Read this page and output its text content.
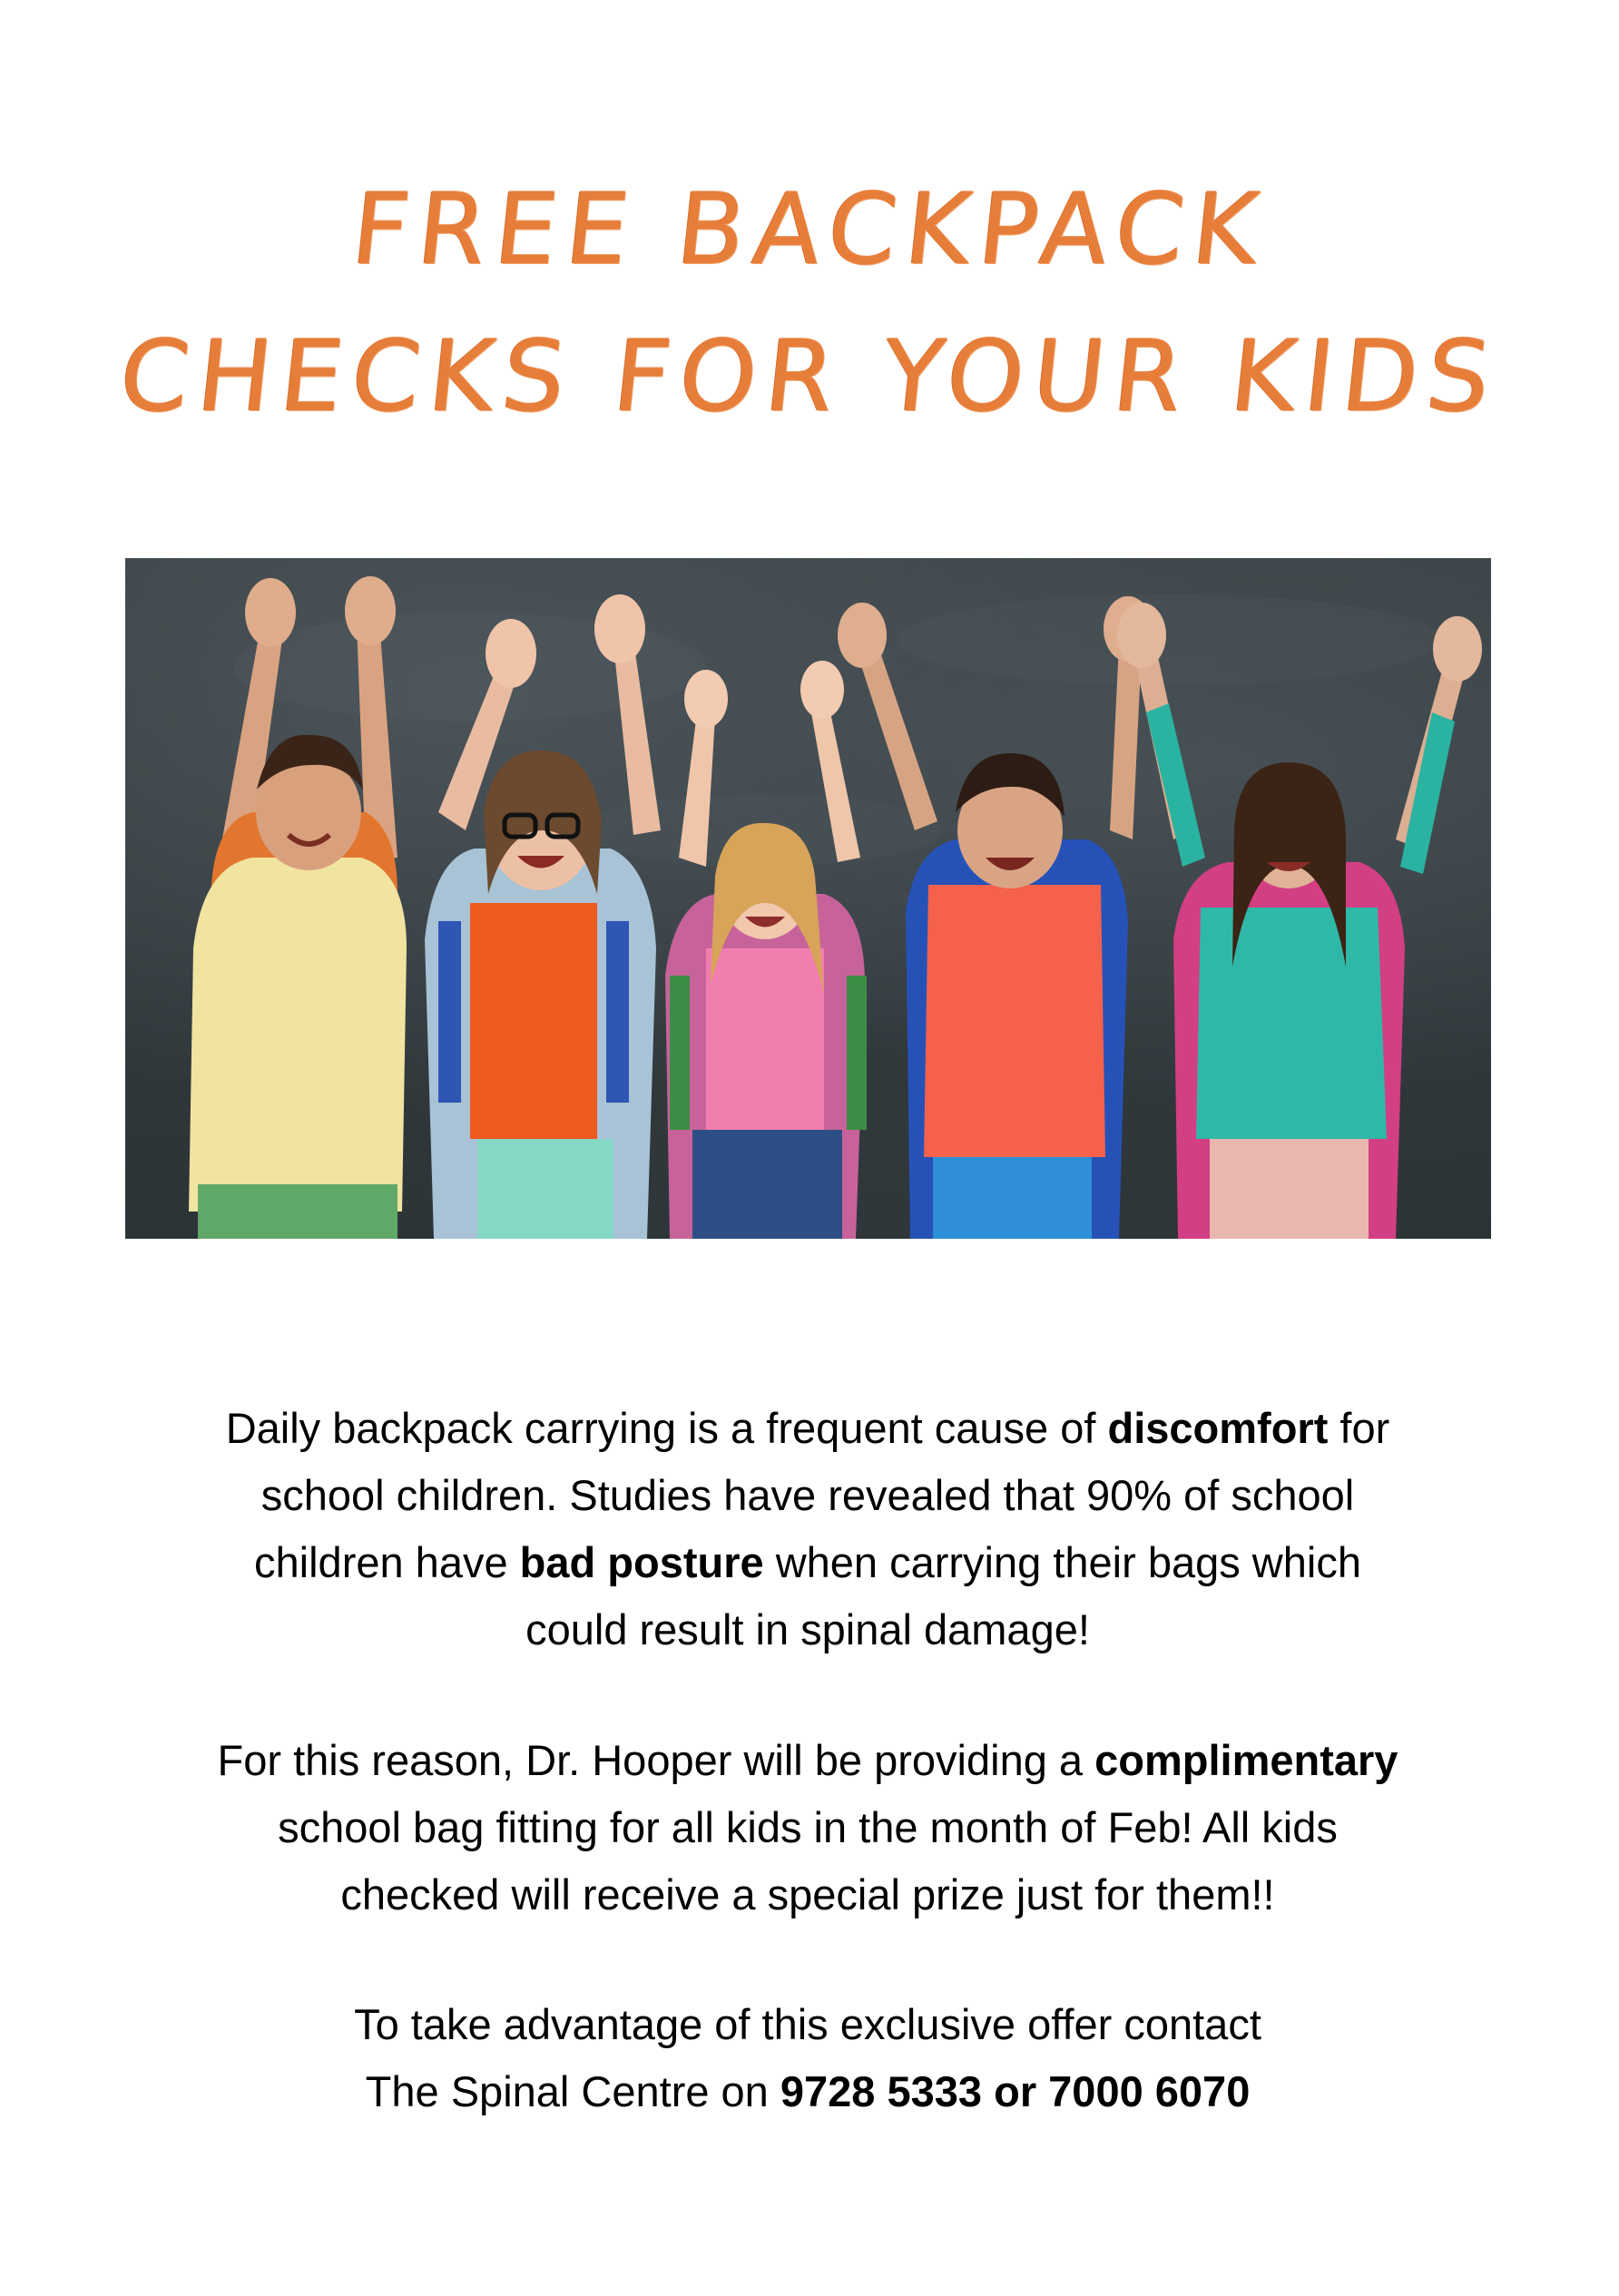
FREE BACKPACK
CHECKS FOR YOUR KIDS

Daily backpack carrying is a frequent cause of discomfort for
school children. Studies have revealed that 90% of school
children have bad posture when carrying their bags which
could result in spinal damage!

For this reason, Dr. Hooper will be providing a complimentary
school bag fitting for all kids in the month of Feb! All kids
checked will receive a special prize just for them!!

To take advantage of this exclusive offer contact
The Spinal Centre on 9728 5333 or 7000 6070
